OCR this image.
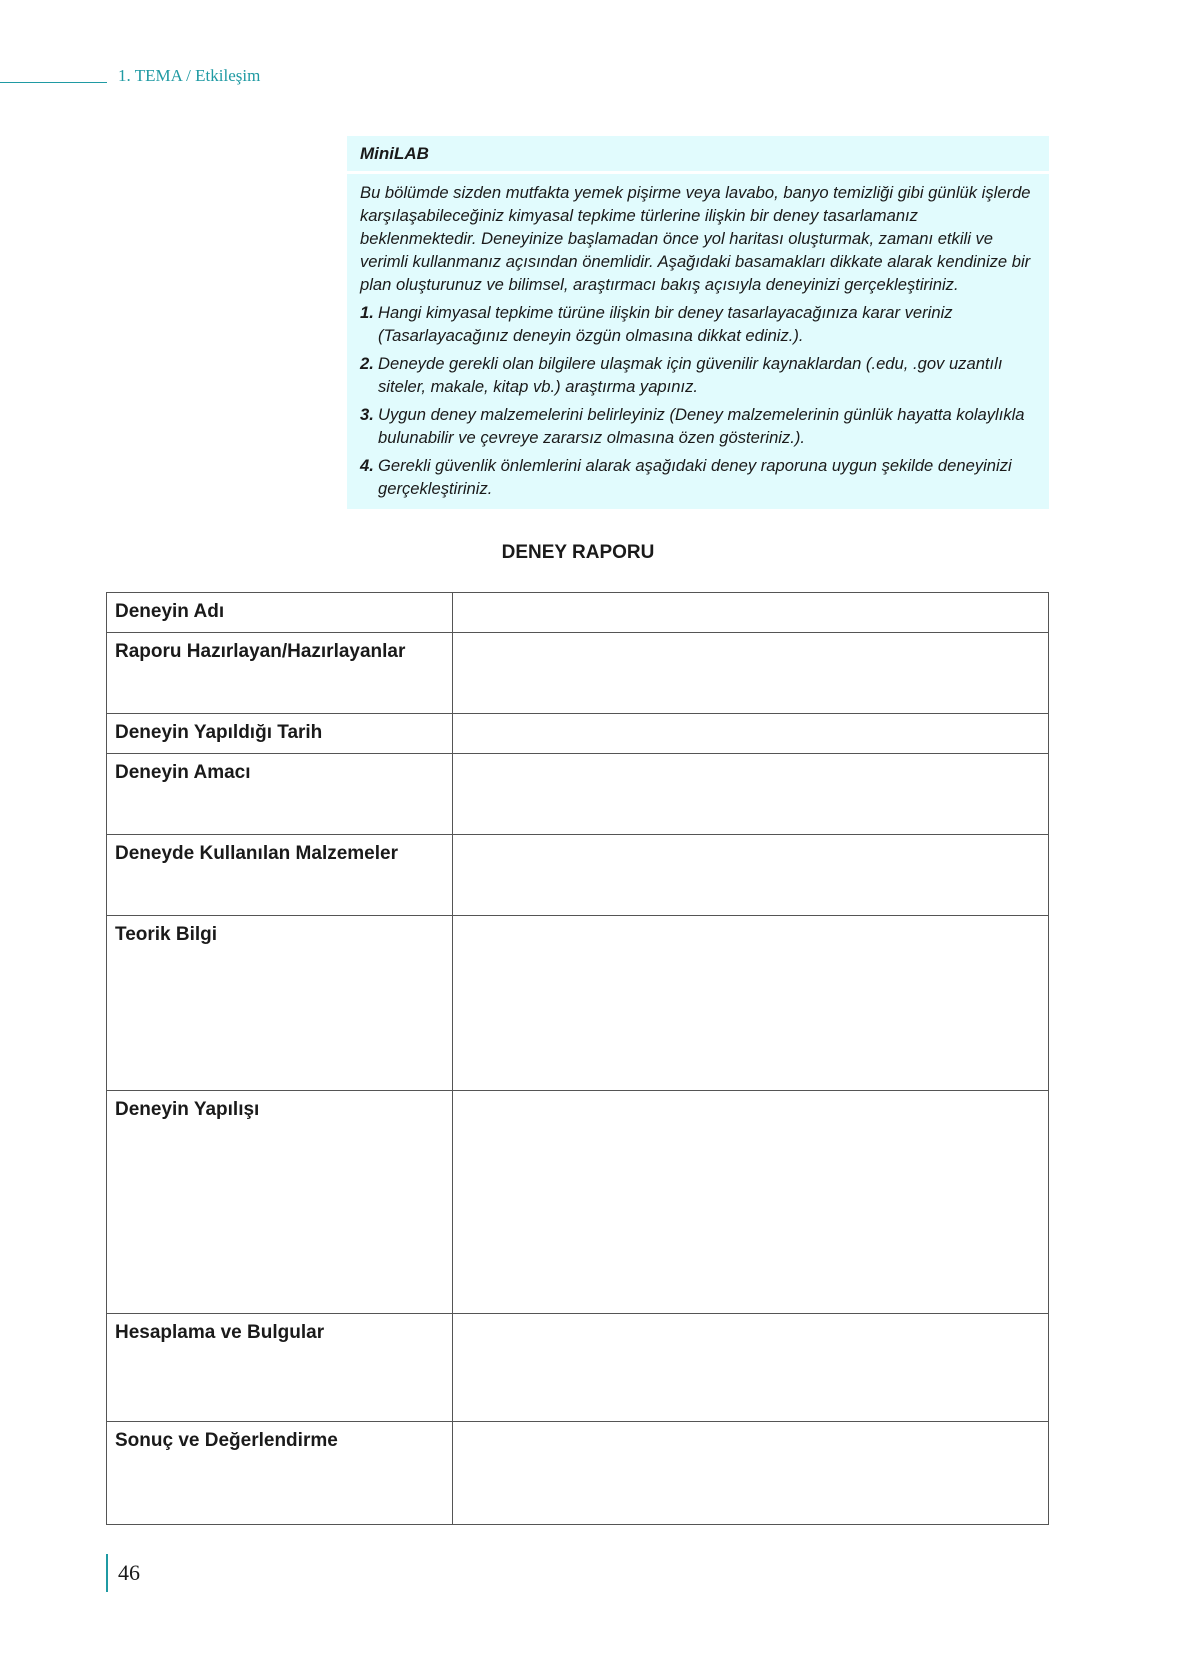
1. TEMA / Etkileşim
MiniLAB

Bu bölümde sizden mutfakta yemek pişirme veya lavabo, banyo temizliği gibi günlük işlerde karşılaşabileceğiniz kimyasal tepkime türlerine ilişkin bir deney tasarlamanız beklenmektedir. Deneyinize başlamadan önce yol haritası oluşturmak, zamanı etkili ve verimli kullanmanız açısından önemlidir. Aşağıdaki basamakları dikkate alarak kendinize bir plan oluşturunuz ve bilimsel, araştırmacı bakış açısıyla deneyinizi gerçekleştiriniz.

1. Hangi kimyasal tepkime türüne ilişkin bir deney tasarlayacağınıza karar veriniz (Tasarlayacağınız deneyin özgün olmasına dikkat ediniz.).
2. Deneyde gerekli olan bilgilere ulaşmak için güvenilir kaynaklardan (.edu, .gov uzantılı siteler, makale, kitap vb.) araştırma yapınız.
3. Uygun deney malzemelerini belirleyiniz (Deney malzemelerinin günlük hayatta kolaylıkla bulunabilir ve çevreye zararsız olmasına özen gösteriniz.).
4. Gerekli güvenlik önlemlerini alarak aşağıdaki deney raporuna uygun şekilde deneyinizi gerçekleştiriniz.
DENEY RAPORU
Deneyin Adı	
Raporu Hazırlayan/Hazırlayanlar	
Deneyin Yapıldığı Tarih	
Deneyin Amacı	
Deneyde Kullanılan Malzemeler	
Teorik Bilgi	
Deneyin Yapılışı	
Hesaplama ve Bulgular	
Sonuç ve Değerlendirme	
46
